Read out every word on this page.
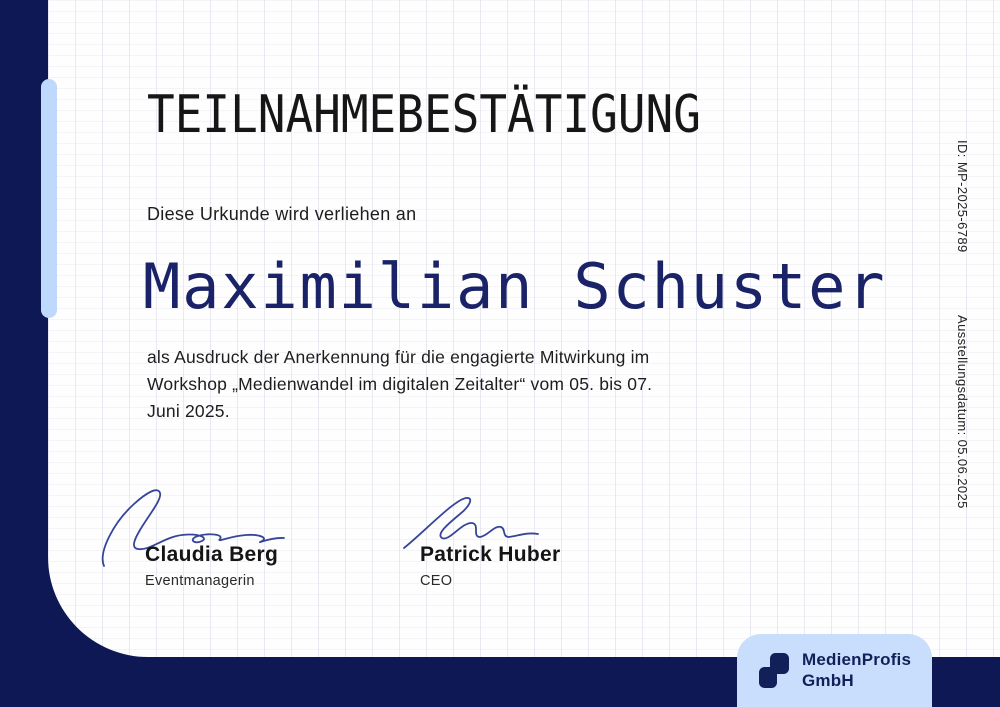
TEILNAHMEBESTÄTIGUNG
Diese Urkunde wird verliehen an
Maximilian Schuster
als Ausdruck der Anerkennung für die engagierte Mitwirkung im
Workshop „Medienwandel im digitalen Zeitalter“ vom 05. bis 07.
Juni 2025.
Claudia Berg
Eventmanagerin
Patrick Huber
CEO
ID: MP-2025-6789
Ausstellungsdatum: 05.06.2025
MedienProfis
GmbH
